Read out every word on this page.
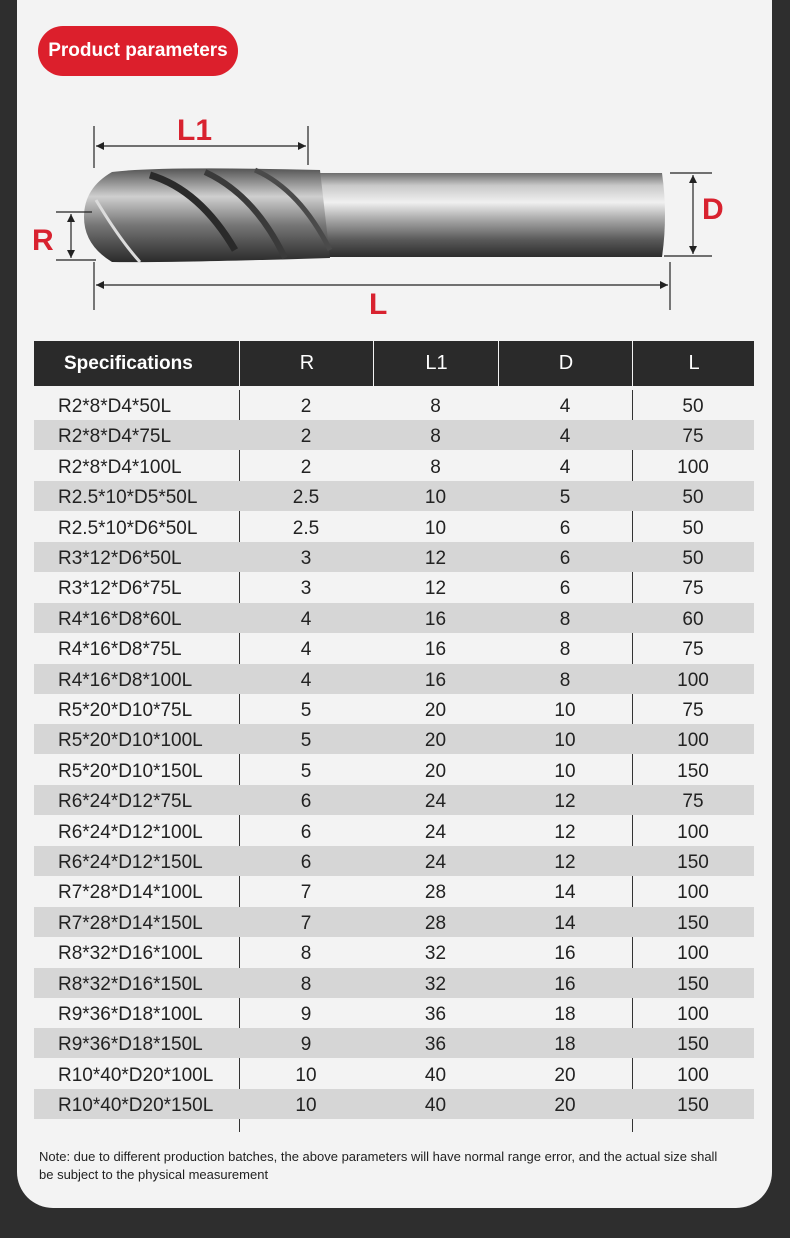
Product parameters
L1
R
D
L
Specifications	R	L1	D	L
R2*8*D4*50L	2	8	4	50
R2*8*D4*75L	2	8	4	75
R2*8*D4*100L	2	8	4	100
R2.5*10*D5*50L	2.5	10	5	50
R2.5*10*D6*50L	2.5	10	6	50
R3*12*D6*50L	3	12	6	50
R3*12*D6*75L	3	12	6	75
R4*16*D8*60L	4	16	8	60
R4*16*D8*75L	4	16	8	75
R4*16*D8*100L	4	16	8	100
R5*20*D10*75L	5	20	10	75
R5*20*D10*100L	5	20	10	100
R5*20*D10*150L	5	20	10	150
R6*24*D12*75L	6	24	12	75
R6*24*D12*100L	6	24	12	100
R6*24*D12*150L	6	24	12	150
R7*28*D14*100L	7	28	14	100
R7*28*D14*150L	7	28	14	150
R8*32*D16*100L	8	32	16	100
R8*32*D16*150L	8	32	16	150
R9*36*D18*100L	9	36	18	100
R9*36*D18*150L	9	36	18	150
R10*40*D20*100L	10	40	20	100
R10*40*D20*150L	10	40	20	150
Note: due to different production batches, the above parameters will have normal range error, and the actual size shall be subject to the physical measurement
